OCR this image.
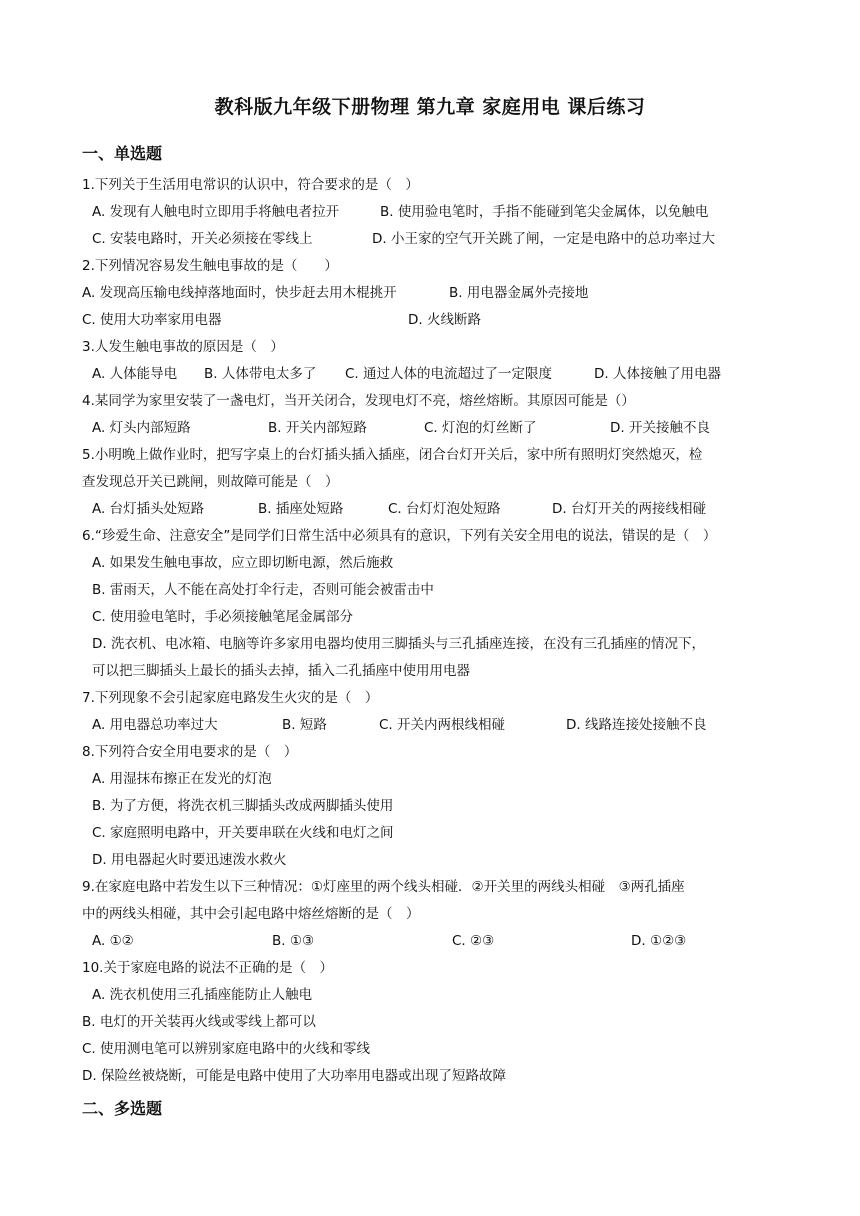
教科版九年级下册物理 第九章 家庭用电 课后练习
一、单选题
1.下列关于生活用电常识的认识中，符合要求的是（　）
A. 发现有人触电时立即用手将触电者拉开	B. 使用验电笔时，手指不能碰到笔尖金属体，以免触电
C. 安装电路时，开关必须接在零线上	D. 小王家的空气开关跳了闸，一定是电路中的总功率过大
2.下列情况容易发生触电事故的是（　　）
A. 发现高压输电线掉落地面时，快步赶去用木棍挑开	B. 用电器金属外壳接地
C. 使用大功率家用电器	D. 火线断路
3.人发生触电事故的原因是（　）
A. 人体能导电 B. 人体带电太多了 C. 通过人体的电流超过了一定限度	D. 人体接触了用电器
4.某同学为家里安装了一盏电灯，当开关闭合，发现电灯不亮，熔丝熔断。其原因可能是（）
A. 灯头内部短路	B. 开关内部短路	C. 灯泡的灯丝断了	D. 开关接触不良
5.小明晚上做作业时，把写字桌上的台灯插头插入插座，闭合台灯开关后，家中所有照明灯突然熄灭，检
查发现总开关已跳闸，则故障可能是（　）
A. 台灯插头处短路	B. 插座处短路	C. 台灯灯泡处短路	D. 台灯开关的两接线相碰
6.“珍爱生命、注意安全”是同学们日常生活中必须具有的意识，下列有关安全用电的说法，错误的是（　）
A. 如果发生触电事故，应立即切断电源，然后施救
B. 雷雨天，人不能在高处打伞行走，否则可能会被雷击中
C. 使用验电笔时，手必须接触笔尾金属部分
D. 洗衣机、电冰箱、电脑等许多家用电器均使用三脚插头与三孔插座连接，在没有三孔插座的情况下，
可以把三脚插头上最长的插头去掉，插入二孔插座中使用用电器
7.下列现象不会引起家庭电路发生火灾的是（　）
A. 用电器总功率过大	B. 短路	C. 开关内两根线相碰	D. 线路连接处接触不良
8.下列符合安全用电要求的是（　）
A. 用湿抹布擦正在发光的灯泡
B. 为了方便，将洗衣机三脚插头改成两脚插头使用
C. 家庭照明电路中，开关要串联在火线和电灯之间
D. 用电器起火时要迅速泼水救火
9.在家庭电路中若发生以下三种情况：①灯座里的两个线头相碰．②开关里的两线头相碰　③两孔插座
中的两线头相碰，其中会引起电路中熔丝熔断的是（　）
A. ①②	B. ①③	C. ②③	D. ①②③
10.关于家庭电路的说法不正确的是（　）
A. 洗衣机使用三孔插座能防止人触电
B. 电灯的开关装再火线或零线上都可以
C. 使用测电笔可以辨别家庭电路中的火线和零线
D. 保险丝被烧断，可能是电路中使用了大功率用电器或出现了短路故障
二、多选题
